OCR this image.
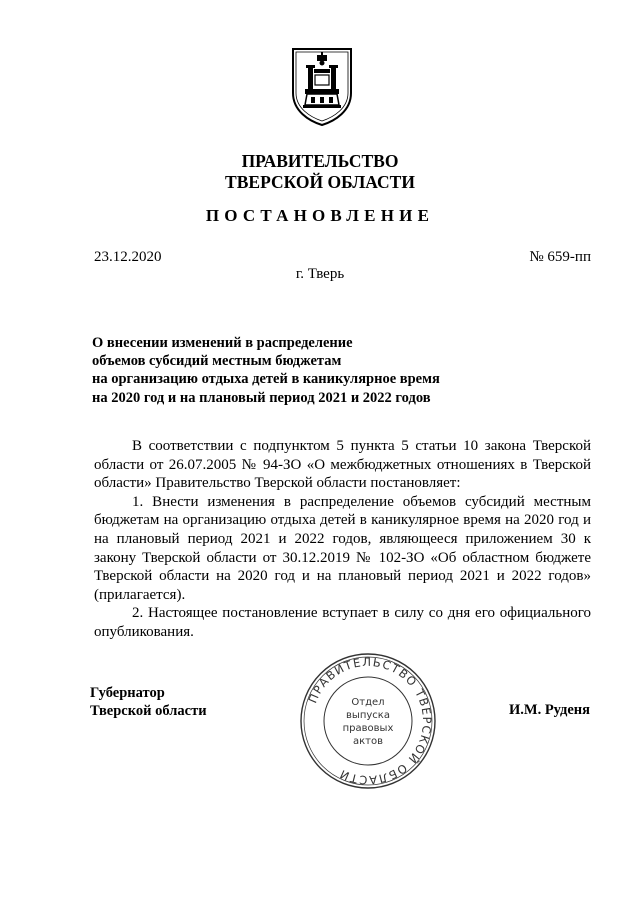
ПРАВИТЕЛЬСТВО
ТВЕРСКОЙ ОБЛАСТИ
ПОСТАНОВЛЕНИЕ
23.12.2020
г. Тверь
№ 659-пп
О внесении изменений в распределение
объемов субсидий местным бюджетам
на организацию отдыха детей в каникулярное время
на 2020 год и на плановый период 2021 и 2022 годов

В соответствии с подпунктом 5 пункта 5 статьи 10 закона Тверской области от 26.07.2005 № 94-ЗО «О межбюджетных отношениях в Тверской области» Правительство Тверской области постановляет:

1. Внести изменения в распределение объемов субсидий местным бюджетам на организацию отдыха детей в каникулярное время на 2020 год и на плановый период 2021 и 2022 годов, являющееся приложением 30 к закону Тверской области от 30.12.2019 № 102-ЗО «Об областном бюджете Тверской области на 2020 год и на плановый период 2021 и 2022 годов» (прилагается).

2. Настоящее постановление вступает в силу со дня его официального опубликования.

Губернатор
Тверской области
ПРАВИТЕЛЬСТВО ТВЕРСКОЙ ОБЛАСТИ
Отдел
выпуска
правовых
актов
И.М. Руденя
